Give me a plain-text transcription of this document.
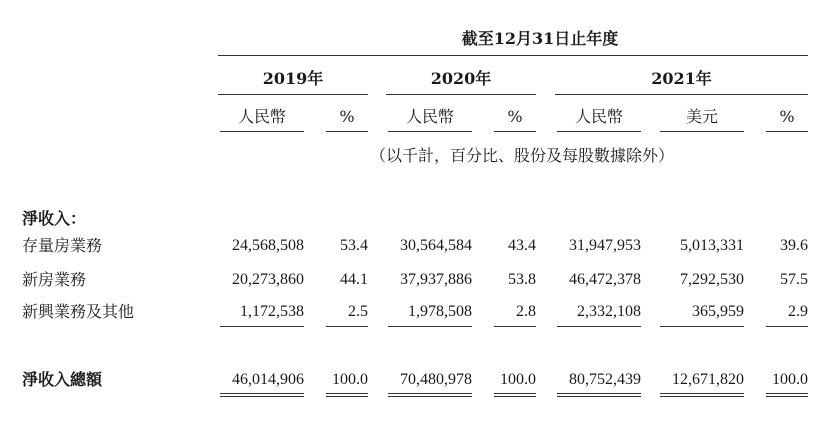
截至12月31日止年度
2019年	2020年	2021年
人民幣	%	人民幣	%	人民幣	美元	%
（以千計，百分比、股份及每股數據除外）
淨收入：
存量房業務	24,568,508	53.4	30,564,584	43.4	31,947,953	5,013,331	39.6
新房業務	20,273,860	44.1	37,937,886	53.8	46,472,378	7,292,530	57.5
新興業務及其他	1,172,538	2.5	1,978,508	2.8	2,332,108	365,959	2.9
淨收入總額	46,014,906	100.0	70,480,978	100.0	80,752,439	12,671,820	100.0
